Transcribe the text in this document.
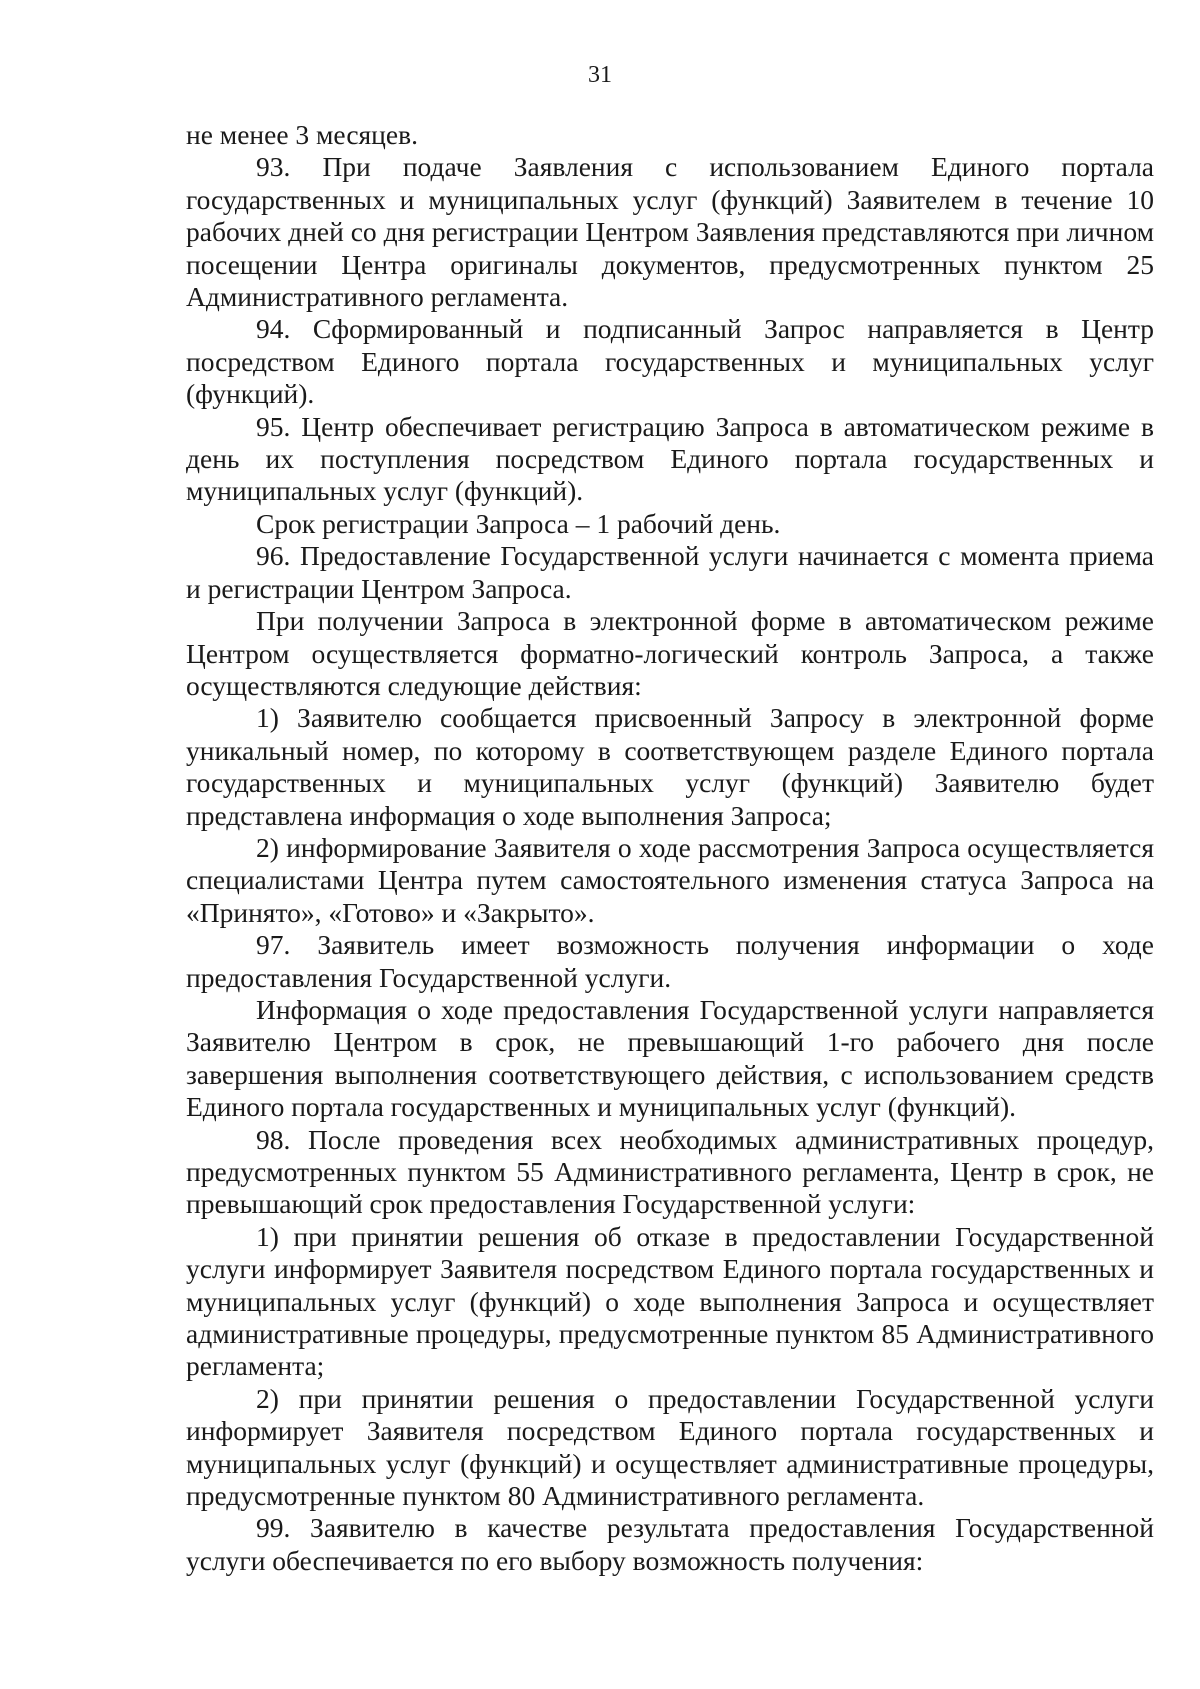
31

не менее 3 месяцев.

93. При подаче Заявления с использованием Единого портала государственных и муниципальных услуг (функций) Заявителем в течение 10 рабочих дней со дня регистрации Центром Заявления представляются при личном посещении Центра оригиналы документов, предусмотренных пунктом 25 Административного регламента.

94. Сформированный и подписанный Запрос направляется в Центр посредством Единого портала государственных и муниципальных услуг (функций).

95. Центр обеспечивает регистрацию Запроса в автоматическом режиме в день их поступления посредством Единого портала государственных и муниципальных услуг (функций).

Срок регистрации Запроса – 1 рабочий день.

96. Предоставление Государственной услуги начинается с момента приема и регистрации Центром Запроса.

При получении Запроса в электронной форме в автоматическом режиме Центром осуществляется форматно-логический контроль Запроса, а также осуществляются следующие действия:

1) Заявителю сообщается присвоенный Запросу в электронной форме уникальный номер, по которому в соответствующем разделе Единого портала государственных и муниципальных услуг (функций) Заявителю будет представлена информация о ходе выполнения Запроса;

2) информирование Заявителя о ходе рассмотрения Запроса осуществляется специалистами Центра путем самостоятельного изменения статуса Запроса на «Принято», «Готово» и «Закрыто».

97. Заявитель имеет возможность получения информации о ходе предоставления Государственной услуги.

Информация о ходе предоставления Государственной услуги направляется Заявителю Центром в срок, не превышающий 1-го рабочего дня после завершения выполнения соответствующего действия, с использованием средств Единого портала государственных и муниципальных услуг (функций).

98. После проведения всех необходимых административных процедур, предусмотренных пунктом 55 Административного регламента, Центр в срок, не превышающий срок предоставления Государственной услуги:

1) при принятии решения об отказе в предоставлении Государственной услуги информирует Заявителя посредством Единого портала государственных и муниципальных услуг (функций) о ходе выполнения Запроса и осуществляет административные процедуры, предусмотренные пунктом 85 Административного регламента;

2) при принятии решения о предоставлении Государственной услуги информирует Заявителя посредством Единого портала государственных и муниципальных услуг (функций) и осуществляет административные процедуры, предусмотренные пунктом 80 Административного регламента.

99. Заявителю в качестве результата предоставления Государственной услуги обеспечивается по его выбору возможность получения:
